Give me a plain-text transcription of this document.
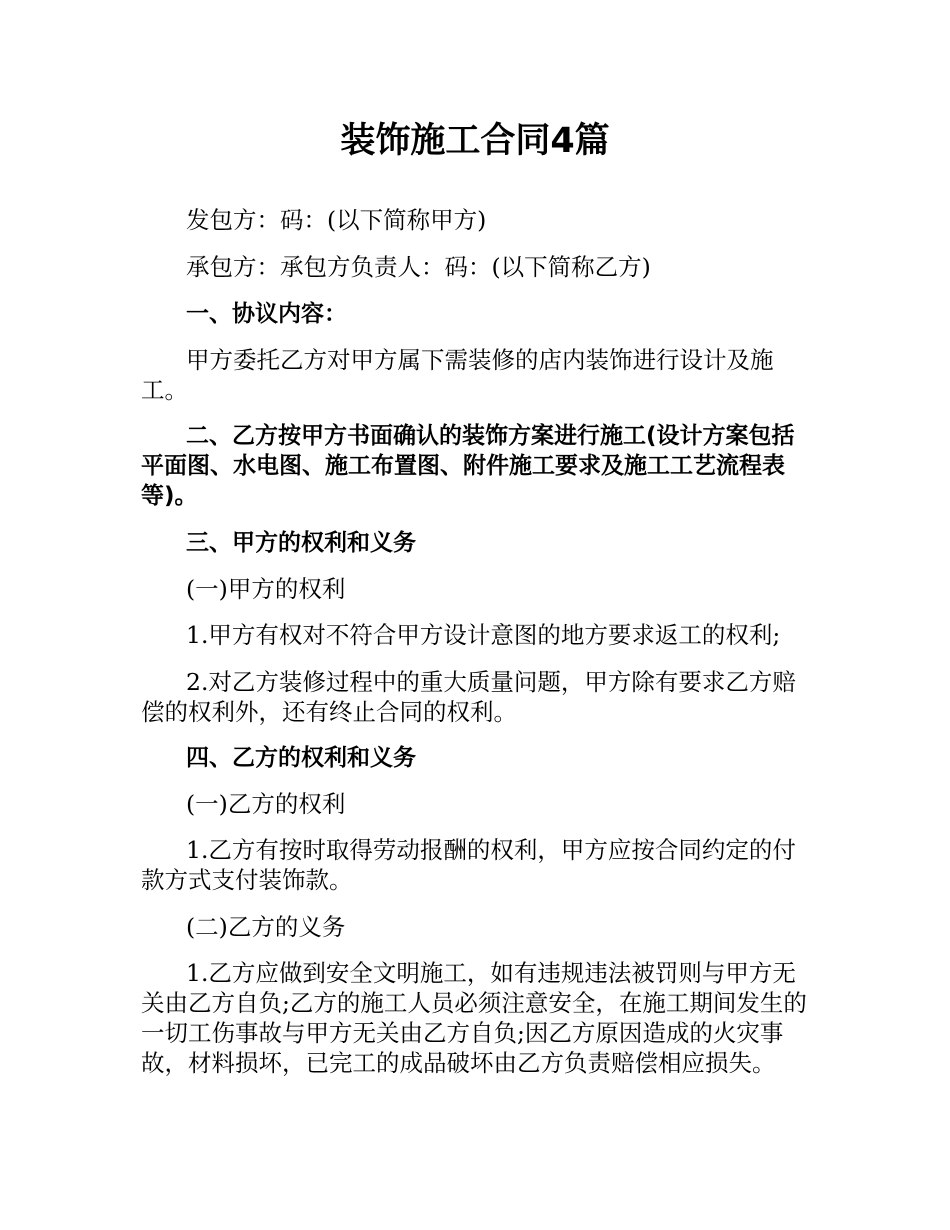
装饰施工合同4篇

发包方：码：(以下简称甲方)

承包方：承包方负责人：码：(以下简称乙方)

一、协议内容：

甲方委托乙方对甲方属下需装修的店内装饰进行设计及施工。

二、乙方按甲方书面确认的装饰方案进行施工(设计方案包括平面图、水电图、施工布置图、附件施工要求及施工工艺流程表等)。

三、甲方的权利和义务

(一)甲方的权利

1.甲方有权对不符合甲方设计意图的地方要求返工的权利;

2.对乙方装修过程中的重大质量问题，甲方除有要求乙方赔偿的权利外，还有终止合同的权利。

四、乙方的权利和义务

(一)乙方的权利

1.乙方有按时取得劳动报酬的权利，甲方应按合同约定的付款方式支付装饰款。

(二)乙方的义务

1.乙方应做到安全文明施工，如有违规违法被罚则与甲方无关由乙方自负;乙方的施工人员必须注意安全，在施工期间发生的一切工伤事故与甲方无关由乙方自负;因乙方原因造成的火灾事故，材料损坏，已完工的成品破坏由乙方负责赔偿相应损失。
